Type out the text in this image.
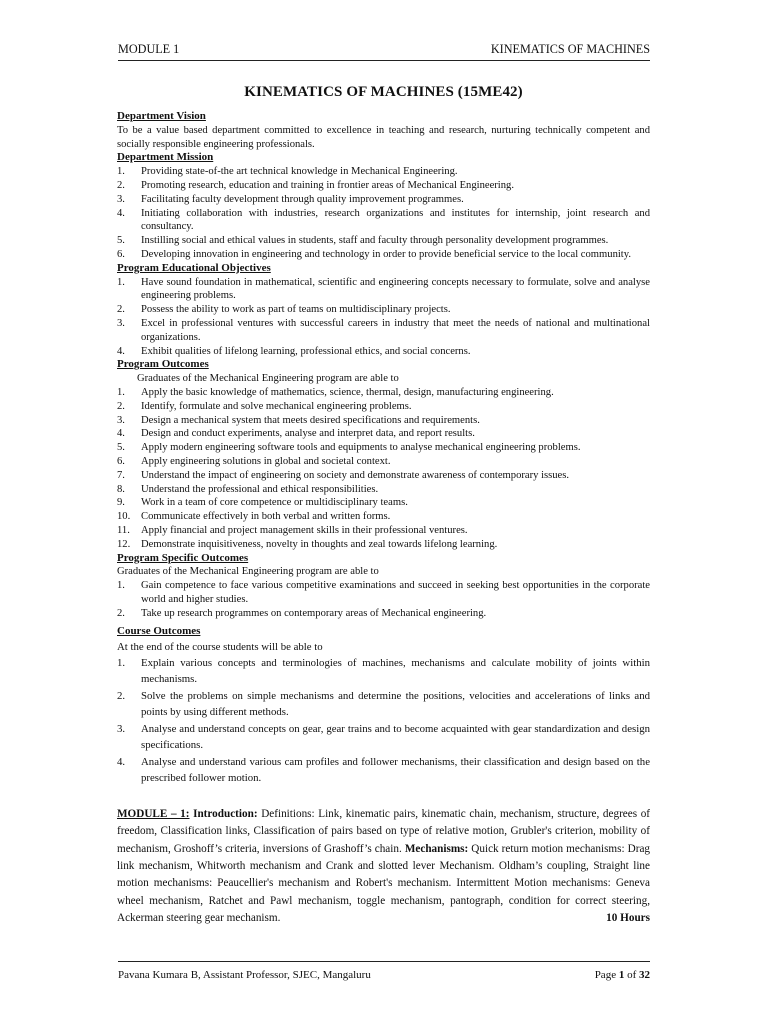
MODULE 1	KINEMATICS OF MACHINES
KINEMATICS OF MACHINES (15ME42)
Department Vision
To be a value based department committed to excellence in teaching and research, nurturing technically competent and socially responsible engineering professionals.
Department Mission
1. Providing state-of-the art technical knowledge in Mechanical Engineering.
2. Promoting research, education and training in frontier areas of Mechanical Engineering.
3. Facilitating faculty development through quality improvement programmes.
4. Initiating collaboration with industries, research organizations and institutes for internship, joint research and consultancy.
5. Instilling social and ethical values in students, staff and faculty through personality development programmes.
6. Developing innovation in engineering and technology in order to provide beneficial service to the local community.
Program Educational Objectives
1. Have sound foundation in mathematical, scientific and engineering concepts necessary to formulate, solve and analyse engineering problems.
2. Possess the ability to work as part of teams on multidisciplinary projects.
3. Excel in professional ventures with successful careers in industry that meet the needs of national and multinational organizations.
4. Exhibit qualities of lifelong learning, professional ethics, and social concerns.
Program Outcomes
Graduates of the Mechanical Engineering program are able to
1. Apply the basic knowledge of mathematics, science, thermal, design, manufacturing engineering.
2. Identify, formulate and solve mechanical engineering problems.
3. Design a mechanical system that meets desired specifications and requirements.
4. Design and conduct experiments, analyse and interpret data, and report results.
5. Apply modern engineering software tools and equipments to analyse mechanical engineering problems.
6. Apply engineering solutions in global and societal context.
7. Understand the impact of engineering on society and demonstrate awareness of contemporary issues.
8. Understand the professional and ethical responsibilities.
9. Work in a team of core competence or multidisciplinary teams.
10. Communicate effectively in both verbal and written forms.
11. Apply financial and project management skills in their professional ventures.
12. Demonstrate inquisitiveness, novelty in thoughts and zeal towards lifelong learning.
Program Specific Outcomes
Graduates of the Mechanical Engineering program are able to
1. Gain competence to face various competitive examinations and succeed in seeking best opportunities in the corporate world and higher studies.
2. Take up research programmes on contemporary areas of Mechanical engineering.
Course Outcomes
At the end of the course students will be able to
1. Explain various concepts and terminologies of machines, mechanisms and calculate mobility of joints within mechanisms.
2. Solve the problems on simple mechanisms and determine the positions, velocities and accelerations of links and points by using different methods.
3. Analyse and understand concepts on gear, gear trains and to become acquainted with gear standardization and design specifications.
4. Analyse and understand various cam profiles and follower mechanisms, their classification and design based on the prescribed follower motion.
MODULE – 1: Introduction: Definitions: Link, kinematic pairs, kinematic chain, mechanism, structure, degrees of freedom, Classification links, Classification of pairs based on type of relative motion, Grubler's criterion, mobility of mechanism, Groshoff’s criteria, inversions of Grashoff’s chain. Mechanisms: Quick return motion mechanisms: Drag link mechanism, Whitworth mechanism and Crank and slotted lever Mechanism. Oldham’s coupling, Straight line motion mechanisms: Peaucellier's mechanism and Robert's mechanism. Intermittent Motion mechanisms: Geneva wheel mechanism, Ratchet and Pawl mechanism, toggle mechanism, pantograph, condition for correct steering, Ackerman steering gear mechanism.	10 Hours
Pavana Kumara B, Assistant Professor, SJEC, Mangaluru	Page 1 of 32
